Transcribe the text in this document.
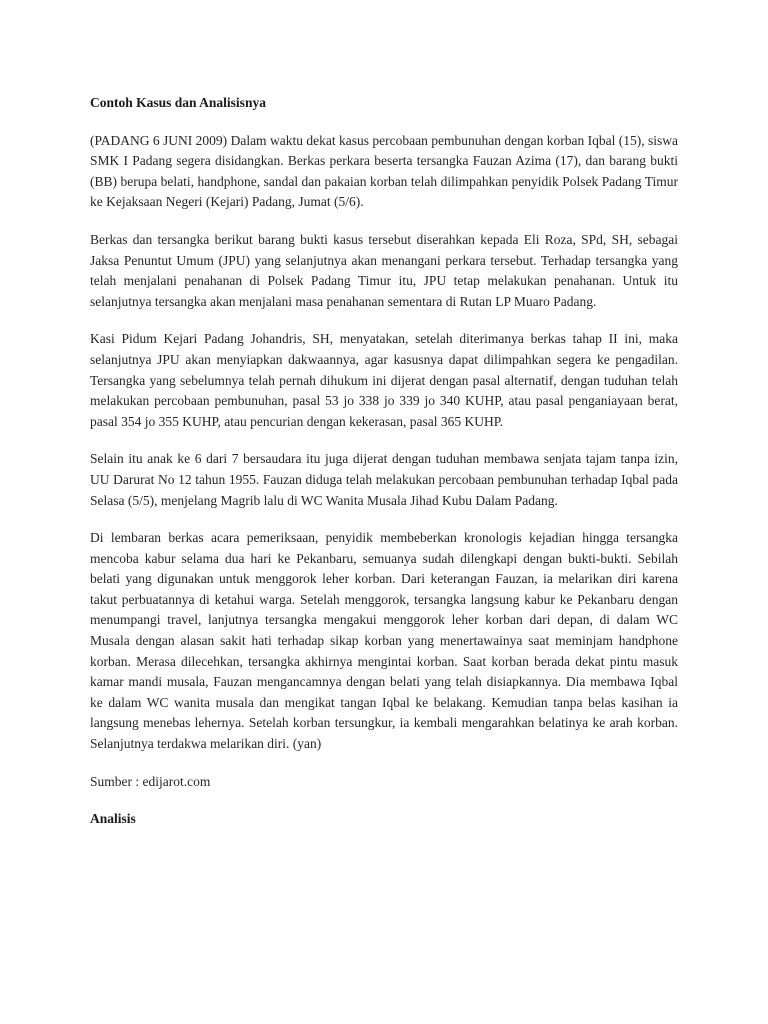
Contoh Kasus dan Analisisnya
(PADANG 6 JUNI 2009) Dalam waktu dekat kasus percobaan pembunuhan dengan korban Iqbal (15), siswa SMK I Padang segera disidangkan. Berkas perkara beserta tersangka Fauzan Azima (17), dan barang bukti (BB) berupa belati, handphone, sandal dan pakaian korban telah dilimpahkan penyidik Polsek Padang Timur ke Kejaksaan Negeri (Kejari) Padang, Jumat (5/6).
Berkas dan tersangka berikut barang bukti kasus tersebut diserahkan kepada Eli Roza, SPd, SH, sebagai Jaksa Penuntut Umum (JPU) yang selanjutnya akan menangani perkara tersebut. Terhadap tersangka yang telah menjalani penahanan di Polsek Padang Timur itu, JPU tetap melakukan penahanan. Untuk itu selanjutnya tersangka akan menjalani masa penahanan sementara di Rutan LP Muaro Padang.
Kasi Pidum Kejari Padang Johandris, SH, menyatakan, setelah diterimanya berkas tahap II ini, maka selanjutnya JPU akan menyiapkan dakwaannya, agar kasusnya dapat dilimpahkan segera ke pengadilan. Tersangka yang sebelumnya telah pernah dihukum ini dijerat dengan pasal alternatif, dengan tuduhan telah melakukan percobaan pembunuhan, pasal 53 jo 338 jo 339 jo 340 KUHP, atau pasal penganiayaan berat, pasal 354 jo 355 KUHP, atau pencurian dengan kekerasan, pasal 365 KUHP.
Selain itu anak ke 6 dari 7 bersaudara itu juga dijerat dengan tuduhan membawa senjata tajam tanpa izin, UU Darurat No 12 tahun 1955. Fauzan diduga telah melakukan percobaan pembunuhan terhadap Iqbal pada Selasa (5/5), menjelang Magrib lalu di WC Wanita Musala Jihad Kubu Dalam Padang.
Di lembaran berkas acara pemeriksaan, penyidik membeberkan kronologis kejadian hingga tersangka mencoba kabur selama dua hari ke Pekanbaru, semuanya sudah dilengkapi dengan bukti-bukti. Sebilah belati yang digunakan untuk menggorok leher korban. Dari keterangan Fauzan, ia melarikan diri karena takut perbuatannya di ketahui warga. Setelah menggorok, tersangka langsung kabur ke Pekanbaru dengan menumpangi travel, lanjutnya tersangka mengakui menggorok leher korban dari depan, di dalam WC Musala dengan alasan sakit hati terhadap sikap korban yang menertawainya saat meminjam handphone korban. Merasa dilecehkan, tersangka akhirnya mengintai korban. Saat korban berada dekat pintu masuk kamar mandi musala, Fauzan mengancamnya dengan belati yang telah disiapkannya. Dia membawa Iqbal ke dalam WC wanita musala dan mengikat tangan Iqbal ke belakang. Kemudian tanpa belas kasihan ia langsung menebas lehernya. Setelah korban tersungkur, ia kembali mengarahkan belatinya ke arah korban. Selanjutnya terdakwa melarikan diri. (yan)
Sumber : edijarot.com
Analisis
